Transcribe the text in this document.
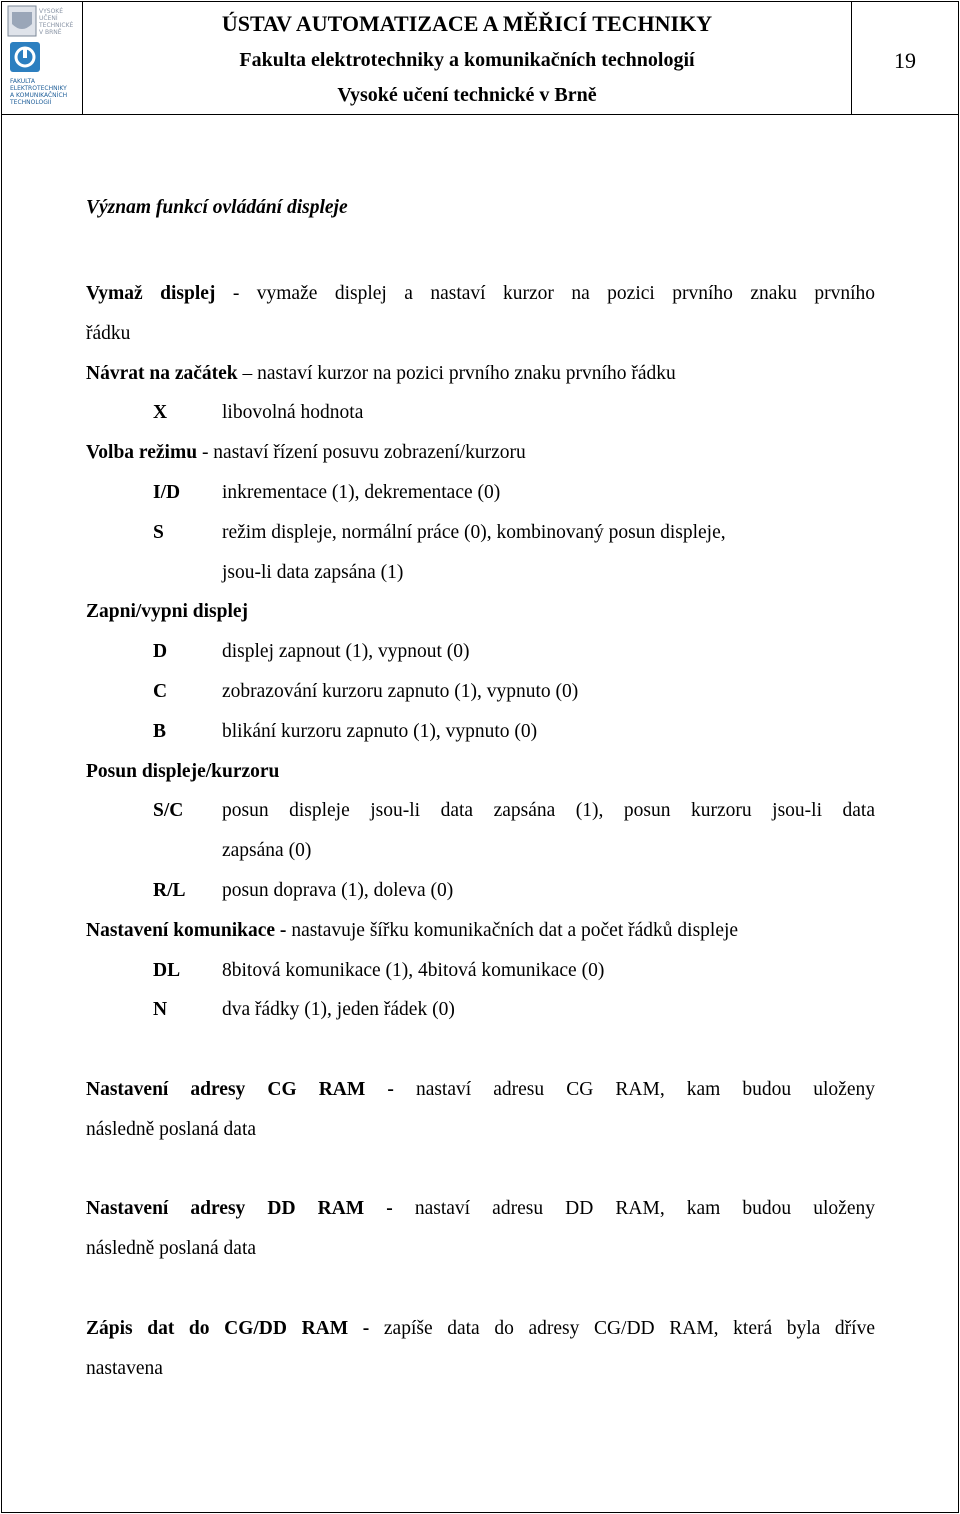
VYSOKÉ
UČENÍ
TECHNICKÉ
V BRNĚ
FAKULTA
ELEKTROTECHNIKY
A KOMUNIKAČNÍCH
TECHNOLOGIÍ
ÚSTAV AUTOMATIZACE A MĚŘICÍ TECHNIKY
Fakulta elektrotechniky a komunikačních technologií
Vysoké učení technické v Brně
19
Význam funkcí ovládání displeje
Vymaž displej - vymaže displej a nastaví kurzor na pozici prvního znaku prvního
řádku
Návrat na začátek – nastaví kurzor na pozici prvního znaku prvního řádku
X	libovolná hodnota
Volba režimu - nastaví řízení posuvu zobrazení/kurzoru
I/D inkrementace (1), dekrementace (0)
S	režim displeje, normální práce (0), kombinovaný posun displeje,
jsou-li data zapsána (1)
Zapni/vypni displej
D	displej zapnout (1), vypnout (0)
C	zobrazování kurzoru zapnuto (1), vypnuto (0)
B	blikání kurzoru zapnuto (1), vypnuto (0)
Posun displeje/kurzoru
S/C posun displeje jsou-li data zapsána (1), posun kurzoru jsou-li data
zapsána (0)
R/L posun doprava (1), doleva (0)
Nastavení komunikace - nastavuje šířku komunikačních dat a počet řádků displeje
DL 8bitová komunikace (1), 4bitová komunikace (0)
N	dva řádky (1), jeden řádek (0)
Nastavení adresy CG RAM - nastaví adresu CG RAM, kam budou uloženy
následně poslaná data
Nastavení adresy DD RAM - nastaví adresu DD RAM, kam budou uloženy
následně poslaná data
Zápis dat do CG/DD RAM - zapíše data do adresy CG/DD RAM, která byla dříve
nastavena
